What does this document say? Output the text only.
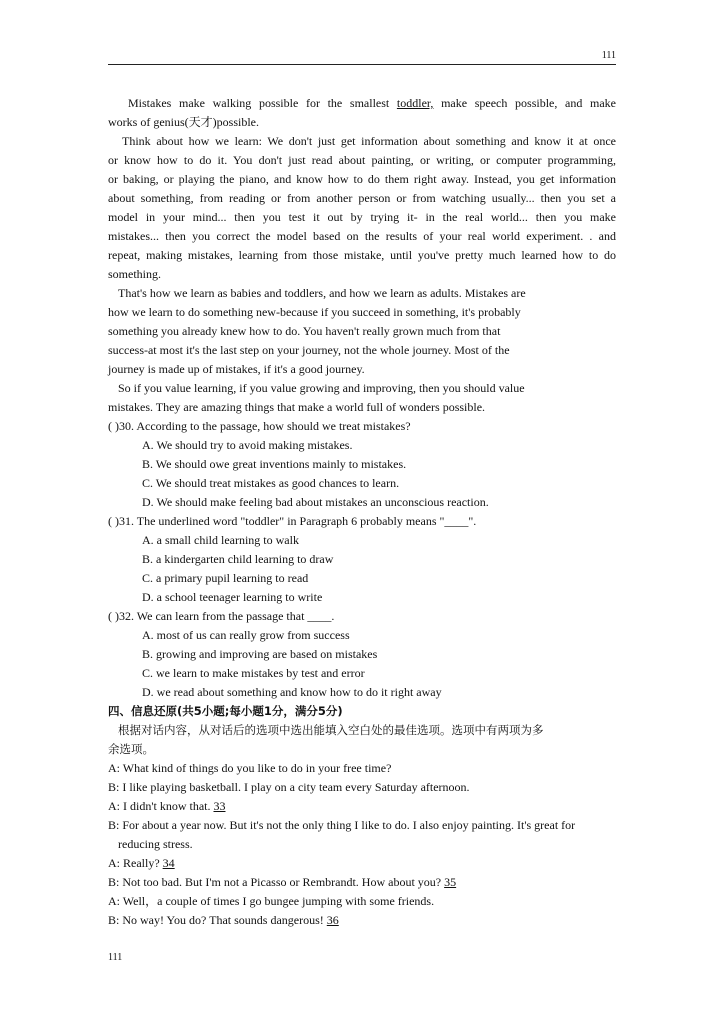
111
Mistakes make walking possible for the smallest toddler, make speech possible, and make
works of genius(天才)possible.
Think about how we learn: We don't just get information about something and know it at once
or know how to do it. You don't just read about painting, or writing, or computer programming,
or baking, or playing the piano, and know how to do them right away. Instead, you get information
about something, from reading or from another person or from watching usually... then you set a
model in your mind... then you test it out by trying it- in the real world... then you make
mistakes... then you correct the model based on the results of your real world experiment. . and
repeat, making mistakes, learning from those mistake, until you've pretty much learned how to do
something.
That's how we learn as babies and toddlers, and how we learn as adults. Mistakes are
how we learn to do something new-because if you succeed in something, it's probably
something you already knew how to do. You haven't really grown much from that
success-at most it's the last step on your journey, not the whole journey. Most of the
journey is made up of mistakes, if it's a good journey.
So if you value learning, if you value growing and improving, then you should value
mistakes. They are amazing things that make a world full of wonders possible.
( )30. According to the passage, how should we treat mistakes?
A. We should try to avoid making mistakes.
B. We should owe great inventions mainly to mistakes.
C. We should treat mistakes as good chances to learn.
D. We should make feeling bad about mistakes an unconscious reaction.
( )31. The underlined word "toddler" in Paragraph 6 probably means "____".
A. a small child learning to walk
B. a kindergarten child learning to draw
C. a primary pupil learning to read
D. a school teenager learning to write
( )32. We can learn from the passage that ____.
A. most of us can really grow from success
B. growing and improving are based on mistakes
C. we learn to make mistakes by test and error
D. we read about something and know how to do it right away
四、信息还原(共5小题;每小题1分，满分5分)
根据对话内容，从对话后的选项中选出能填入空白处的最佳选项。选项中有两项为多
余选项。
A: What kind of things do you like to do in your free time?
B: I like playing basketball. I play on a city team every Saturday afternoon.
A: I didn't know that. 33
B: For about a year now. But it's not the only thing I like to do. I also enjoy painting. It's great for
reducing stress.
A: Really? 34
B: Not too bad. But I'm not a Picasso or Rembrandt. How about you? 35
A: Well，a couple of times I go bungee jumping with some friends.
B: No way! You do? That sounds dangerous! 36
111
